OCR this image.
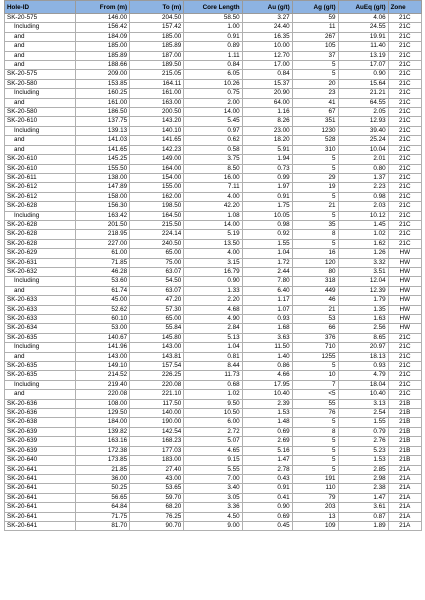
Hole-ID	From (m)	To (m)	Core Length	Au (g/t)	Ag (g/t)	AuEq (g/t)	Zone
SK-20-575	146.00	204.50	58.50	3.27	59	4.06	21C
Including	156.42	157.42	1.00	24.40	11	24.55	21C
and	184.09	185.00	0.91	16.35	267	19.91	21C
and	185.00	185.89	0.89	10.00	105	11.40	21C
and	185.89	187.00	1.11	12.70	37	13.19	21C
and	188.66	189.50	0.84	17.00	5	17.07	21C
SK-20-575	209.00	215.05	6.05	0.84	5	0.90	21C
SK-20-580	153.85	164.11	10.26	15.37	20	15.64	21C
Including	160.25	161.00	0.75	20.90	23	21.21	21C
and	161.00	163.00	2.00	64.00	41	64.55	21C
SK-20-580	186.50	200.50	14.00	1.16	67	2.05	21C
SK-20-610	137.75	143.20	5.45	8.26	351	12.93	21C
Including	139.13	140.10	0.97	23.00	1230	39.40	21C
and	141.03	141.65	0.62	18.20	528	25.24	21C
and	141.65	142.23	0.58	5.91	310	10.04	21C
SK-20-610	145.25	149.00	3.75	1.94	5	2.01	21C
SK-20-610	155.50	164.00	8.50	0.73	5	0.80	21C
SK-20-611	138.00	154.00	16.00	0.99	29	1.37	21C
SK-20-612	147.89	155.00	7.11	1.97	19	2.23	21C
SK-20-612	158.00	162.00	4.00	0.91	5	0.98	21C
SK-20-628	156.30	198.50	42.20	1.75	21	2.03	21C
Including	163.42	164.50	1.08	10.05	5	10.12	21C
SK-20-628	201.50	215.50	14.00	0.98	35	1.45	21C
SK-20-628	218.95	224.14	5.19	0.92	8	1.02	21C
SK-20-628	227.00	240.50	13.50	1.55	5	1.62	21C
SK-20-629	61.00	65.00	4.00	1.04	16	1.26	HW
SK-20-631	71.85	75.00	3.15	1.72	120	3.32	HW
SK-20-632	46.28	63.07	16.79	2.44	80	3.51	HW
Including	53.60	54.50	0.90	7.80	318	12.04	HW
and	61.74	63.07	1.33	6.40	449	12.39	HW
SK-20-633	45.00	47.20	2.20	1.17	46	1.79	HW
SK-20-633	52.62	57.30	4.68	1.07	21	1.35	HW
SK-20-633	60.10	65.00	4.90	0.93	53	1.63	HW
SK-20-634	53.00	55.84	2.84	1.68	66	2.56	HW
SK-20-635	140.67	145.80	5.13	3.63	376	8.65	21C
Including	141.96	143.00	1.04	11.50	710	20.97	21C
and	143.00	143.81	0.81	1.40	1255	18.13	21C
SK-20-635	149.10	157.54	8.44	0.86	5	0.93	21C
SK-20-635	214.52	226.25	11.73	4.66	10	4.79	21C
Including	219.40	220.08	0.68	17.95	7	18.04	21C
and	220.08	221.10	1.02	10.40	<5	10.40	21C
SK-20-636	108.00	117.50	9.50	2.39	55	3.13	21B
SK-20-636	129.50	140.00	10.50	1.53	76	2.54	21B
SK-20-638	184.00	190.00	6.00	1.48	5	1.55	21B
SK-20-639	139.82	142.54	2.72	0.69	8	0.79	21B
SK-20-639	163.16	168.23	5.07	2.69	5	2.76	21B
SK-20-639	172.38	177.03	4.65	5.16	5	5.23	21B
SK-20-640	173.85	183.00	9.15	1.47	5	1.53	21B
SK-20-641	21.85	27.40	5.55	2.78	5	2.85	21A
SK-20-641	36.00	43.00	7.00	0.43	191	2.98	21A
SK-20-641	50.25	53.65	3.40	0.91	110	2.38	21A
SK-20-641	56.65	59.70	3.05	0.41	79	1.47	21A
SK-20-641	64.84	68.20	3.36	0.90	203	3.61	21A
SK-20-641	71.75	76.25	4.50	0.69	13	0.87	21A
SK-20-641	81.70	90.70	9.00	0.45	109	1.89	21A
